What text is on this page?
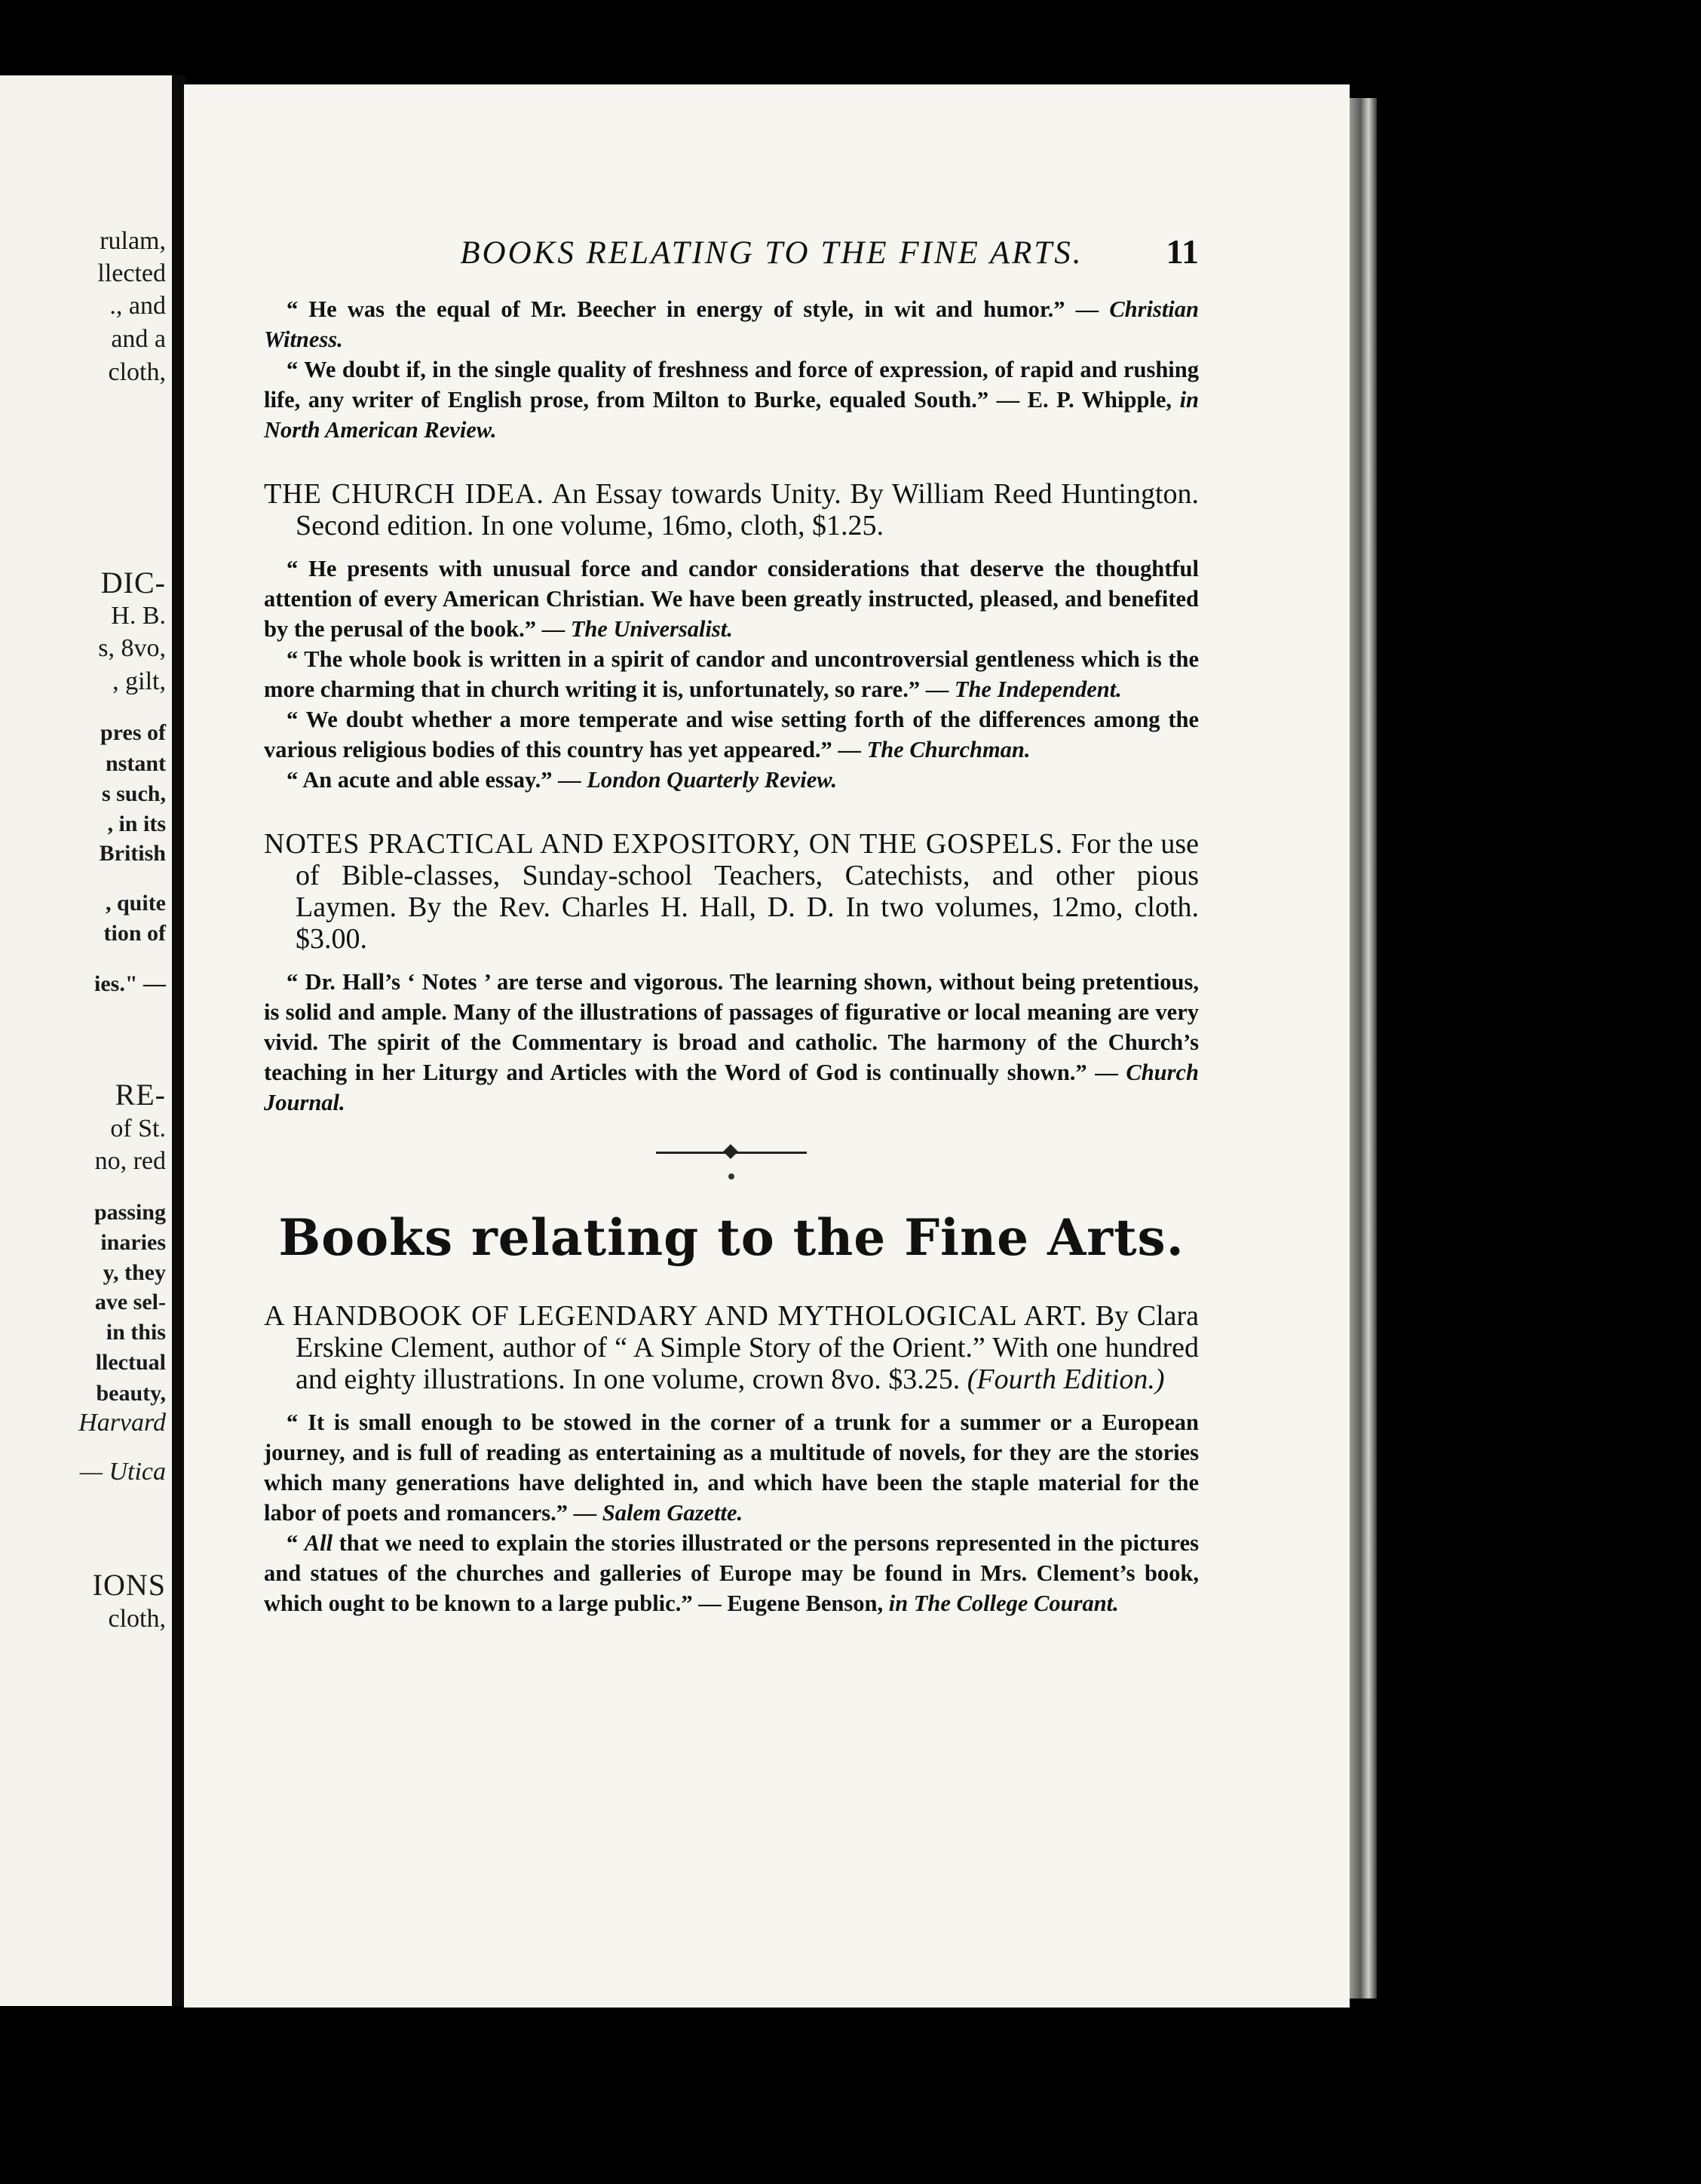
rulam,
llected
., and
and a
cloth,
DIC-
H. B.
s, 8vo,
, gilt,
pres of
nstant
s such,
, in its
British
, quite
tion of
ies." —
RE-
of St.
no, red
passing
inaries
y, they
ave sel-
in this
llectual
beauty,
Harvard
— Utica
IONS
cloth,
BOOKS RELATING TO THE FINE ARTS. 11

“ He was the equal of Mr. Beecher in energy of style, in wit and humor.” — Christian Witness.

“ We doubt if, in the single quality of freshness and force of expression, of rapid and rushing life, any writer of English prose, from Milton to Burke, equaled South.” — E. P. Whipple, in North American Review.

THE CHURCH IDEA. An Essay towards Unity. By William Reed Huntington. Second edition. In one volume, 16mo, cloth, $1.25.

“ He presents with unusual force and candor considerations that deserve the thoughtful attention of every American Christian. We have been greatly instructed, pleased, and benefited by the perusal of the book.” — The Universalist.

“ The whole book is written in a spirit of candor and uncontroversial gentleness which is the more charming that in church writing it is, unfortunately, so rare.” — The Independent.

“ We doubt whether a more temperate and wise setting forth of the differences among the various religious bodies of this country has yet appeared.” — The Churchman.

“ An acute and able essay.” — London Quarterly Review.

NOTES PRACTICAL AND EXPOSITORY, ON THE GOSPELS. For the use of Bible-classes, Sunday-school Teachers, Catechists, and other pious Laymen. By the Rev. Charles H. Hall, D. D. In two volumes, 12mo, cloth. $3.00.

“ Dr. Hall’s ‘ Notes ’ are terse and vigorous. The learning shown, without being pretentious, is solid and ample. Many of the illustrations of passages of figurative or local meaning are very vivid. The spirit of the Commentary is broad and catholic. The harmony of the Church’s teaching in her Liturgy and Articles with the Word of God is continually shown.” — Church Journal.

Books relating to the Fine Arts.
A HANDBOOK OF LEGENDARY AND MYTHOLOGICAL ART. By Clara Erskine Clement, author of “ A Simple Story of the Orient.” With one hundred and eighty illustrations. In one volume, crown 8vo. $3.25. (Fourth Edition.)

“ It is small enough to be stowed in the corner of a trunk for a summer or a European journey, and is full of reading as entertaining as a multitude of novels, for they are the stories which many generations have delighted in, and which have been the staple material for the labor of poets and romancers.” — Salem Gazette.

“ All that we need to explain the stories illustrated or the persons represented in the pictures and statues of the churches and galleries of Europe may be found in Mrs. Clement’s book, which ought to be known to a large public.” — Eugene Benson, in The College Courant.
